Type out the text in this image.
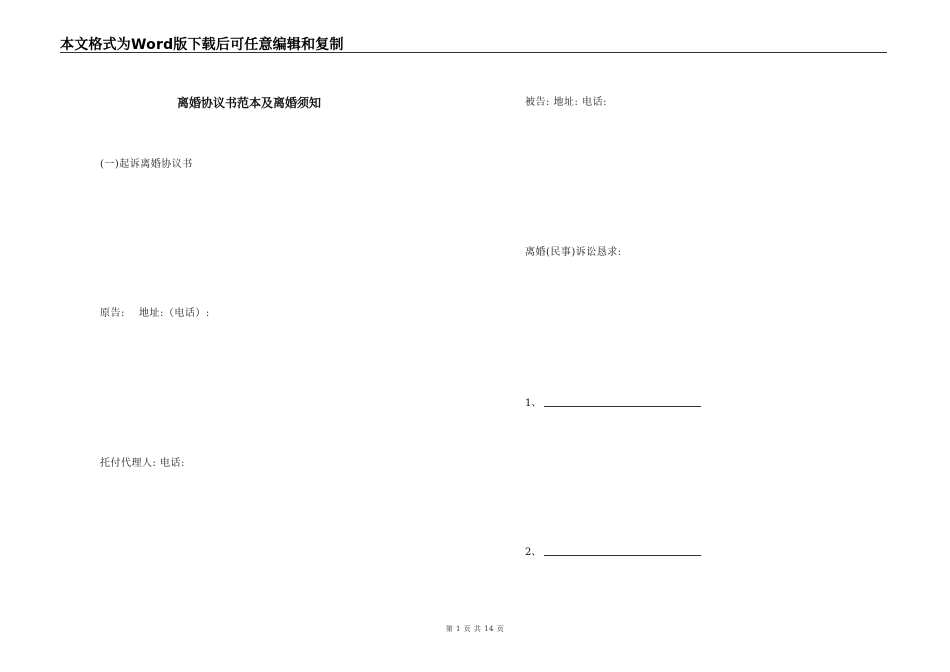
本文格式为Word版下载后可任意编辑和复制
离婚协议书范本及离婚须知
(一)起诉离婚协议书
原告:　 地址:（电话）:
托付代理人: 电话:
被告: 地址: 电话:
离婚(民事)诉讼恳求:
1、
2、
第 1 页 共 14 页
